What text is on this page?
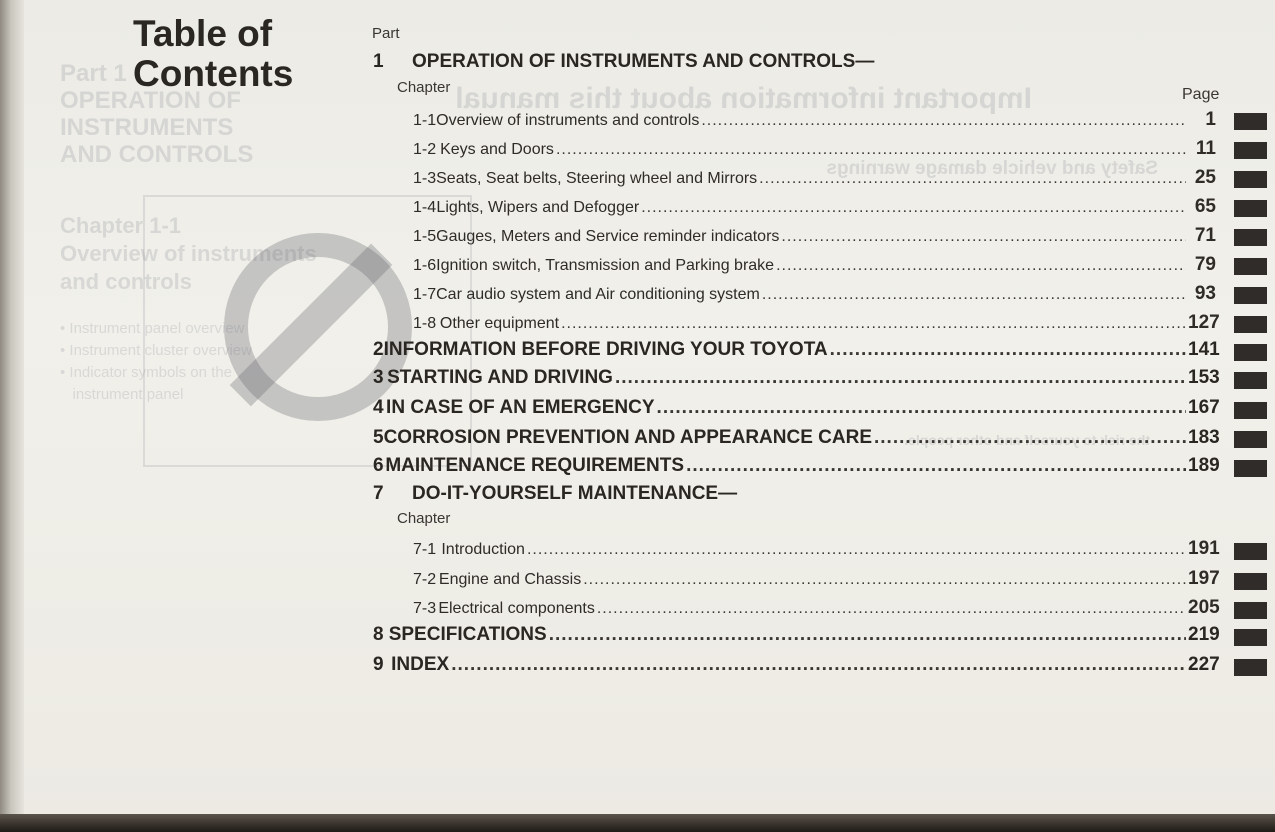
Part 1
OPERATION OF
INSTRUMENTS
AND CONTROLS
Chapter 1-1
Overview of instruments
and controls
• Instrument panel overview
• Instrument cluster overview
• Indicator symbols on the
instrument panel
Important information about this manual
Safety and vehicle damage warnings
the risk to yourself and other people.
Table of
Contents
Part
Page
1 OPERATION OF INSTRUMENTS AND CONTROLS—
Chapter
1-1 Overview of instruments and controls .....	1
1-2 Keys and Doors .....	11
1-3 Seats, Seat belts, Steering wheel and Mirrors .....	25
1-4 Lights, Wipers and Defogger .....	65
1-5 Gauges, Meters and Service reminder indicators .....	71
1-6 Ignition switch, Transmission and Parking brake .....	79
1-7 Car audio system and Air conditioning system .....	93
1-8 Other equipment .....	127
2 INFORMATION BEFORE DRIVING YOUR TOYOTA .....	141
3 STARTING AND DRIVING .....	153
4 IN CASE OF AN EMERGENCY .....	167
5 CORROSION PREVENTION AND APPEARANCE CARE .....	183
6 MAINTENANCE REQUIREMENTS .....	189
7 DO-IT-YOURSELF MAINTENANCE—
Chapter
7-1 Introduction .....	191
7-2 Engine and Chassis .....	197
7-3 Electrical components .....	205
8 SPECIFICATIONS .....	219
9 INDEX .....	227
